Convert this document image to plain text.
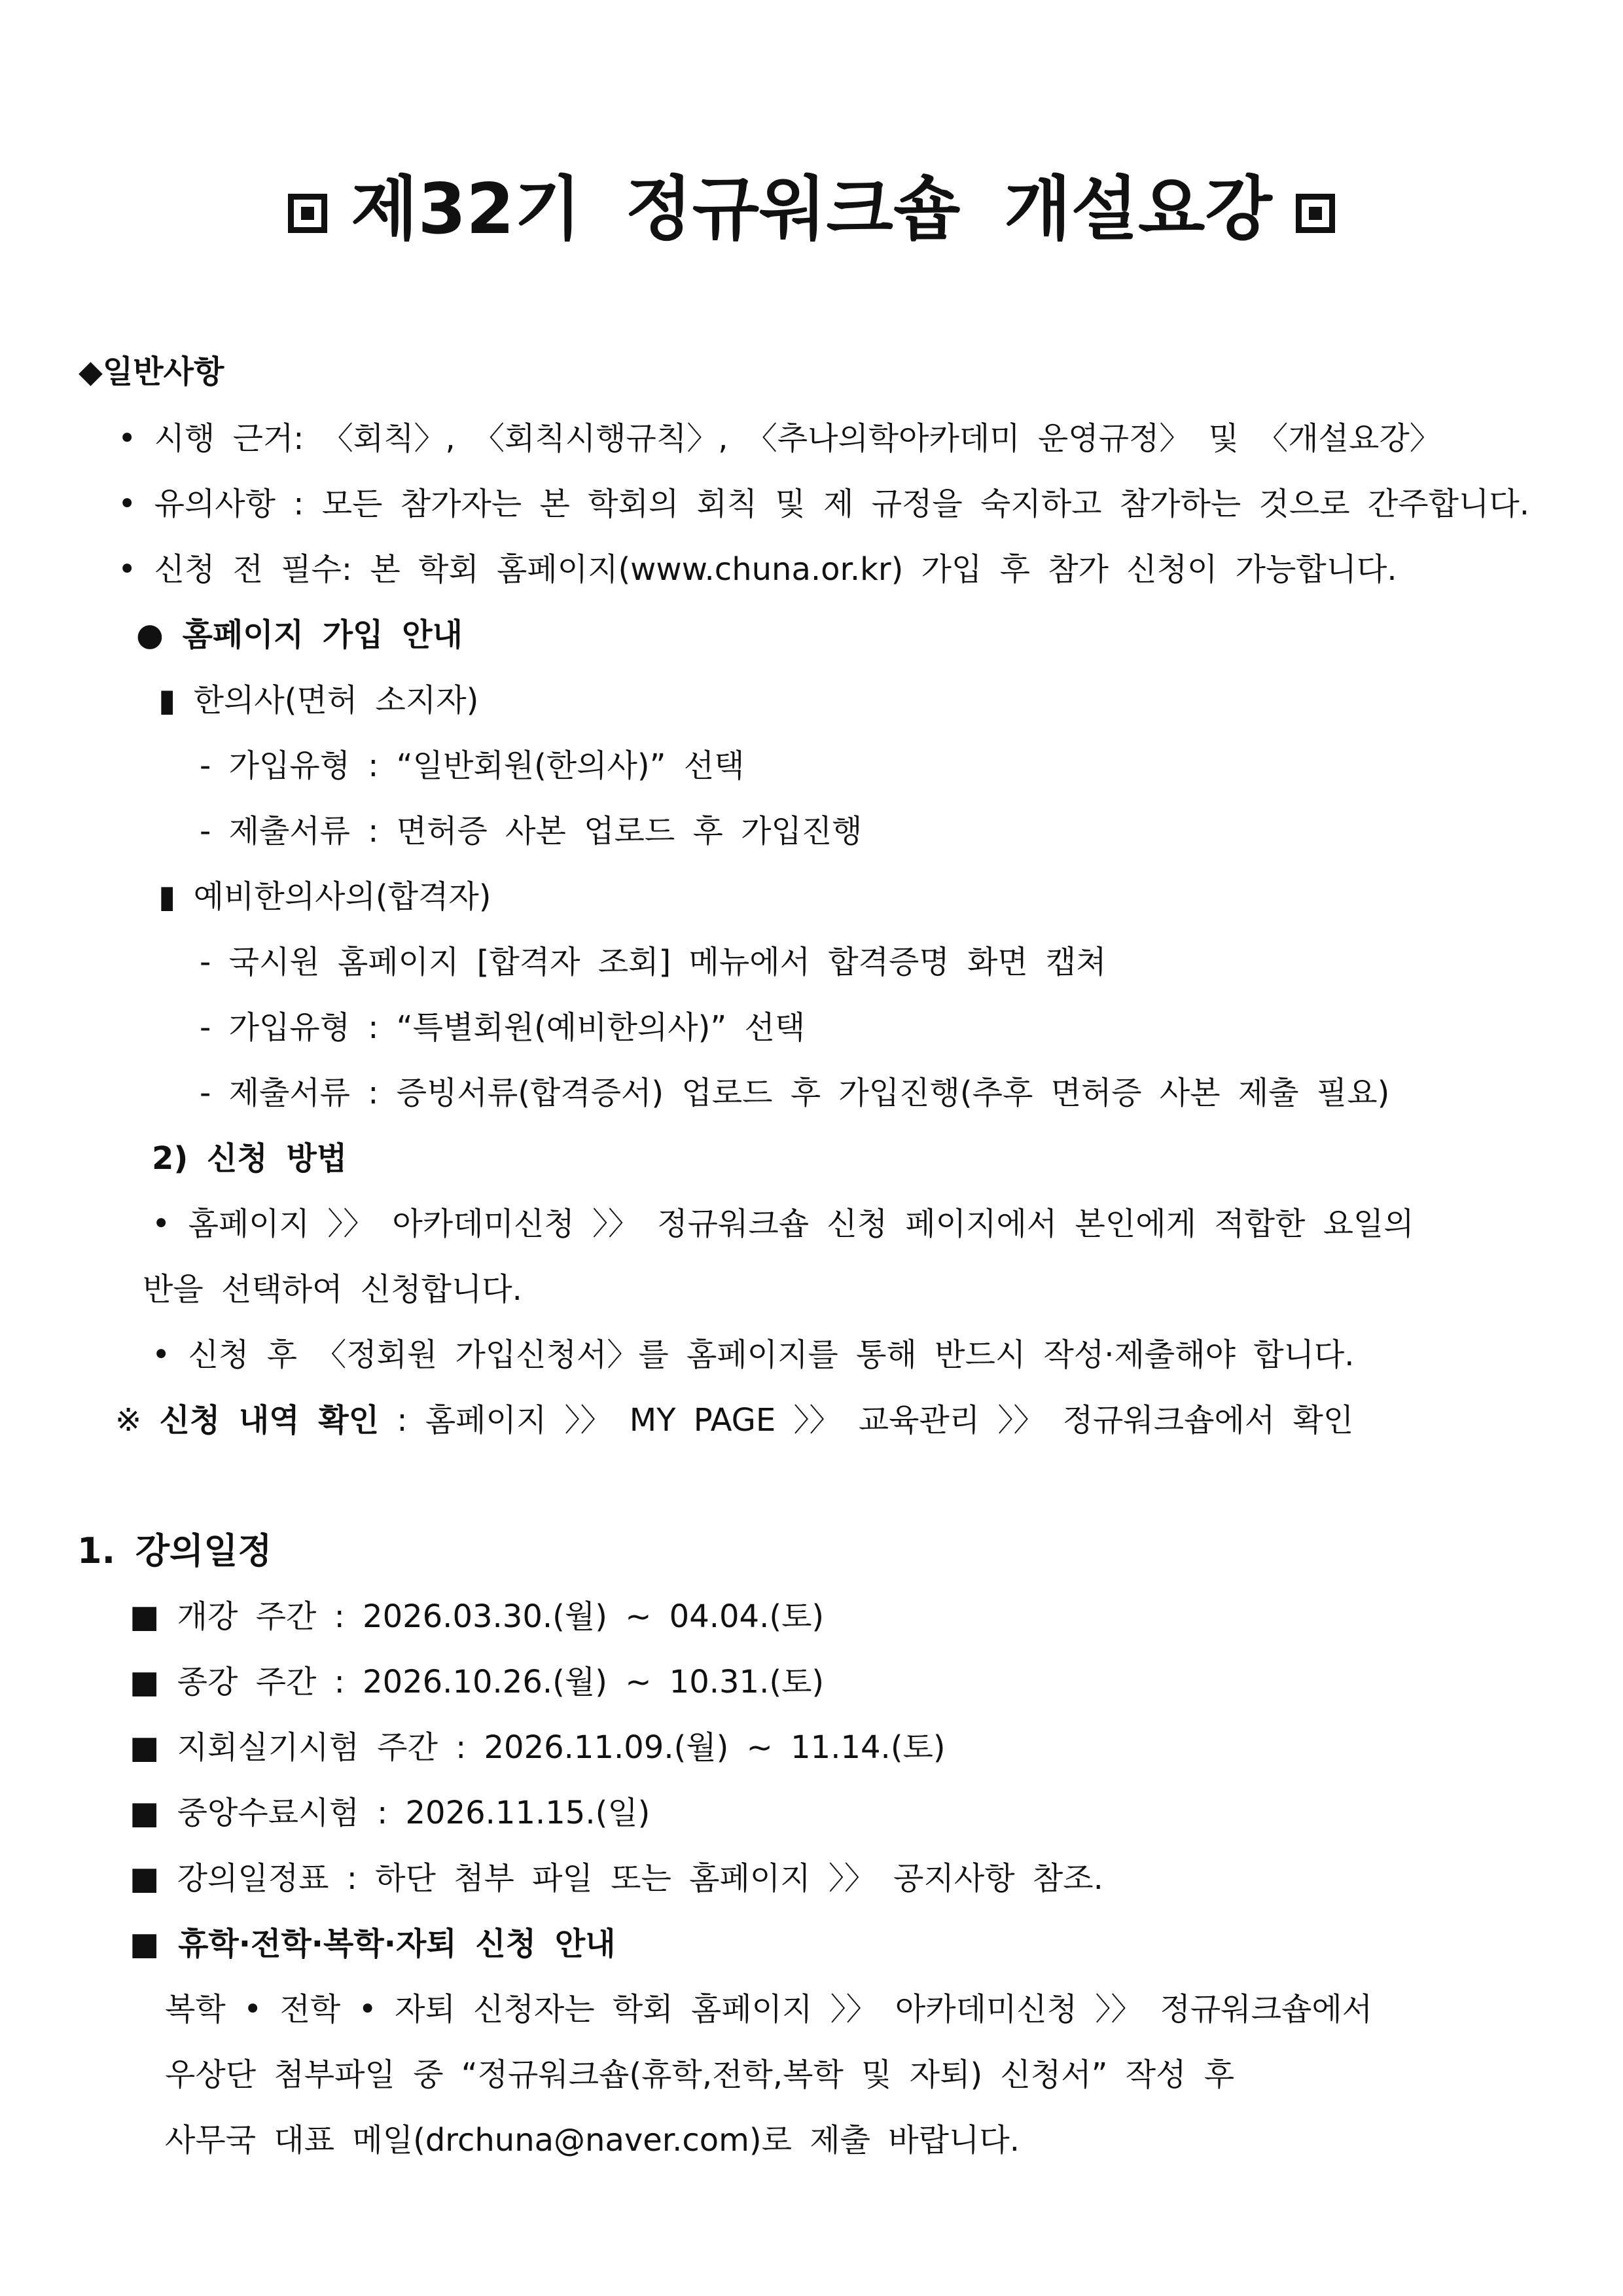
제32기 정규워크숍 개설요강
◆일반사항
• 시행 근거: 〈회칙〉, 〈회칙시행규칙〉, 〈추나의학아카데미 운영규정〉 및 〈개설요강〉
• 유의사항 : 모든 참가자는 본 학회의 회칙 및 제 규정을 숙지하고 참가하는 것으로 간주합니다.
• 신청 전 필수: 본 학회 홈페이지(www.chuna.or.kr) 가입 후 참가 신청이 가능합니다.
● 홈페이지 가입 안내
▮ 한의사(면허 소지자)
- 가입유형 : “일반회원(한의사)” 선택
- 제출서류 : 면허증 사본 업로드 후 가입진행
▮ 예비한의사의(합격자)
- 국시원 홈페이지 [합격자 조회] 메뉴에서 합격증명 화면 캡쳐
- 가입유형 : “특별회원(예비한의사)” 선택
- 제출서류 : 증빙서류(합격증서) 업로드 후 가입진행(추후 면허증 사본 제출 필요)
2) 신청 방법
• 홈페이지 〉〉 아카데미신청 〉〉 정규워크숍 신청 페이지에서 본인에게 적합한 요일의
반을 선택하여 신청합니다.
• 신청 후 〈정회원 가입신청서〉를 홈페이지를 통해 반드시 작성·제출해야 합니다.
※ 신청 내역 확인 : 홈페이지 〉〉 MY PAGE 〉〉 교육관리 〉〉 정규워크숍에서 확인
1. 강의일정
■ 개강 주간 : 2026.03.30.(월) ~ 04.04.(토)
■ 종강 주간 : 2026.10.26.(월) ~ 10.31.(토)
■ 지회실기시험 주간 : 2026.11.09.(월) ~ 11.14.(토)
■ 중앙수료시험 : 2026.11.15.(일)
■ 강의일정표 : 하단 첨부 파일 또는 홈페이지 〉〉 공지사항 참조.
■ 휴학·전학·복학·자퇴 신청 안내
복학 • 전학 • 자퇴 신청자는 학회 홈페이지 〉〉 아카데미신청 〉〉 정규워크숍에서
우상단 첨부파일 중 “정규워크숍(휴학,전학,복학 및 자퇴) 신청서” 작성 후
사무국 대표 메일(drchuna@naver.com)로 제출 바랍니다.
